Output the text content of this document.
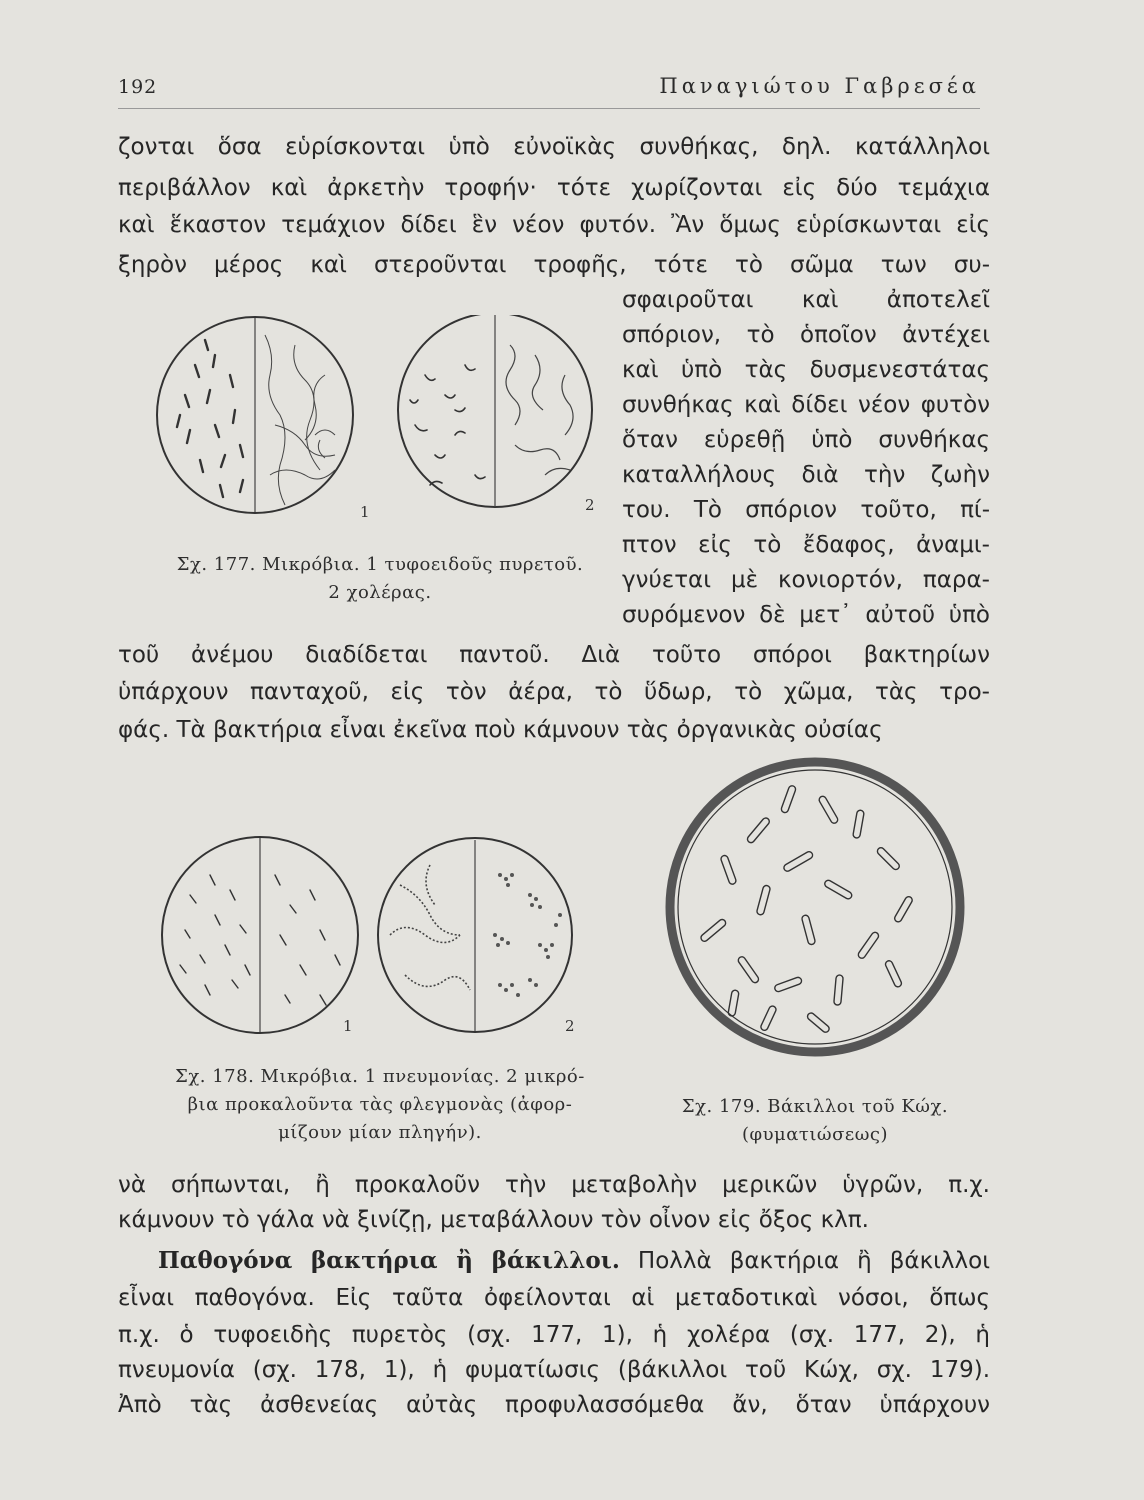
192	Παναγιώτου Γαβρεσέα
ζονται ὅσα εὑρίσκονται ὑπὸ εὐνοϊκὰς συνθήκας, δηλ. κατάλληλοι
περιβάλλον καὶ ἀρκετὴν τροφήν· τότε χωρίζονται εἰς δύο τεμάχια
καὶ ἕκαστον τεμάχιον δίδει ἓν νέον φυτόν. Ἂν ὅμως εὑρίσκωνται εἰς
ξηρὸν μέρος καὶ στεροῦνται τροφῆς, τότε τὸ σῶμα των συ-
σφαιροῦται καὶ ἀποτελεῖ
σπόριον, τὸ ὁποῖον ἀντέχει
καὶ ὑπὸ τὰς δυσμενεστάτας
συνθήκας καὶ δίδει νέον φυτὸν
ὅταν εὑρεθῇ ὑπὸ συνθήκας
καταλλήλους διὰ τὴν ζωὴν
του. Τὸ σπόριον τοῦτο, πί-
πτον εἰς τὸ ἔδαφος, ἀναμι-
γνύεται μὲ κονιορτόν, παρα-
συρόμενον δὲ μετ᾿ αὐτοῦ ὑπὸ
1	2
Σχ. 177. Μικρόβια. 1 τυφοειδοῦς πυρετοῦ.
2 χολέρας.
τοῦ ἀνέμου διαδίδεται παντοῦ. Διὰ τοῦτο σπόροι βακτηρίων
ὑπάρχουν πανταχοῦ, εἰς τὸν ἀέρα, τὸ ὕδωρ, τὸ χῶμα, τὰς τρο-
φάς. Τὰ βακτήρια εἶναι ἐκεῖνα ποὺ κάμνουν τὰς ὀργανικὰς οὐσίας
1	2
Σχ. 178. Μικρόβια. 1 πνευμονίας. 2 μικρό-
βια προκαλοῦντα τὰς φλεγμονὰς (ἀφορ-
μίζουν μίαν πληγήν).
Σχ. 179. Βάκιλλοι τοῦ Κώχ.
(φυματιώσεως)
νὰ σήπωνται, ἢ προκαλοῦν τὴν μεταβολὴν μερικῶν ὑγρῶν, π.χ.
κάμνουν τὸ γάλα νὰ ξινίζῃ, μεταβάλλουν τὸν οἶνον εἰς ὄξος κλπ.
Παθογόνα βακτήρια ἢ βάκιλλοι. Πολλὰ βακτήρια ἢ βάκιλλοι
εἶναι παθογόνα. Εἰς ταῦτα ὀφείλονται αἱ μεταδοτικαὶ νόσοι, ὅπως
π.χ. ὁ τυφοειδὴς πυρετὸς (σχ. 177, 1), ἡ χολέρα (σχ. 177, 2), ἡ
πνευμονία (σχ. 178, 1), ἡ φυματίωσις (βάκιλλοι τοῦ Κώχ, σχ. 179).
Ἀπὸ τὰς ἀσθενείας αὐτὰς προφυλασσόμεθα ἄν, ὅταν ὑπάρχουν
